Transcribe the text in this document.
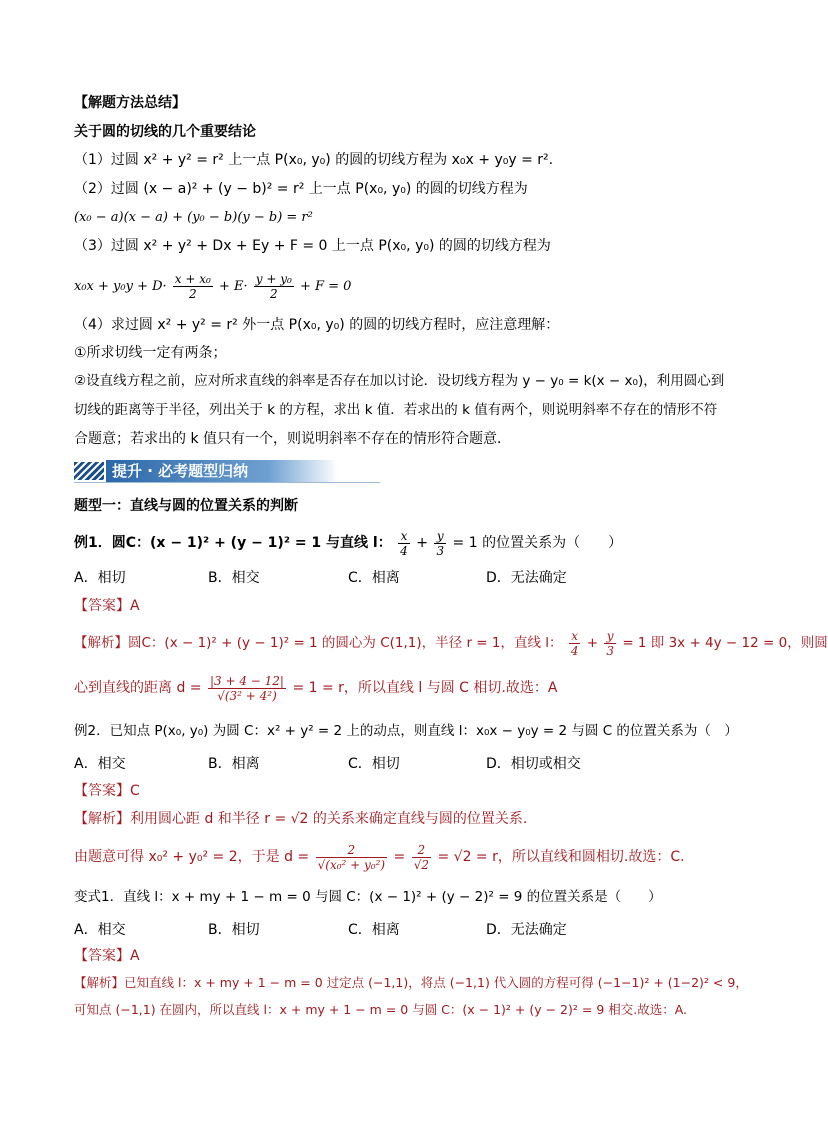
【解题方法总结】
关于圆的切线的几个重要结论
（1）过圆 x² + y² = r² 上一点 P(x₀, y₀) 的圆的切线方程为 x₀x + y₀y = r².
（2）过圆 (x − a)² + (y − b)² = r² 上一点 P(x₀, y₀) 的圆的切线方程为
(x₀ − a)(x − a) + (y₀ − b)(y − b) = r²
（3）过圆 x² + y² + Dx + Ey + F = 0 上一点 P(x₀, y₀) 的圆的切线方程为
$x_0x + y_0y + D\cdot \frac{\text{x + x₀}}{2} + E\cdot \frac{\text{y + y₀}}{2} + F = 0$
（4）求过圆 x² + y² = r² 外一点 P(x₀, y₀) 的圆的切线方程时，应注意理解：
①所求切线一定有两条；
②设直线方程之前，应对所求直线的斜率是否存在加以讨论．设切线方程为 y − y₀ = k(x − x₀)，利用圆心到
切线的距离等于半径，列出关于 k 的方程，求出 k 值．若求出的 k 值有两个，则说明斜率不存在的情形不符
合题意；若求出的 k 值只有一个，则说明斜率不存在的情形符合题意．
提升 · 必考题型归纳
题型一：直线与圆的位置关系的判断
例1．圆C：(x − 1)² + (y − 1)² = 1 与直线 l： $\frac{x}{4} + \frac{y}{3} = 1$ 的位置关系为（　　）
A．相切	B．相交	C．相离	D．无法确定
【答案】A
【解析】圆C：(x − 1)² + (y − 1)² = 1 的圆心为 C(1,1)，半径 r = 1，直线 l： $\frac{x}{4} + \frac{y}{3} = 1$ 即 3x + 4y − 12 = 0，则圆
心到直线的距离 $d = \frac{|3 + 4 - 12|}{\text{√(3² + 4²)}} = 1 = r$，所以直线 l 与圆 C 相切.故选：A
例2．已知点 P(x₀, y₀) 为圆 C：x² + y² = 2 上的动点，则直线 l：x₀x − y₀y = 2 与圆 C 的位置关系为（　）
A．相交	B．相离	C．相切	D．相切或相交
【答案】C
【解析】利用圆心距 d 和半径 r = √2 的关系来确定直线与圆的位置关系.
由题意可得 x₀² + y₀² = 2，于是 $d = \frac{2}{\text{√(x₀² + y₀²)}} = \frac{2}{√2} = √2 = r$，所以直线和圆相切.故选：C.
变式1．直线 l：x + my + 1 − m = 0 与圆 C：(x − 1)² + (y − 2)² = 9 的位置关系是（　　）
A．相交	B．相切	C．相离	D．无法确定
【答案】A
【解析】已知直线 l：x + my + 1 − m = 0 过定点 (−1,1)，将点 (−1,1) 代入圆的方程可得 (−1−1)² + (1−2)² < 9，
可知点 (−1,1) 在圆内，所以直线 l：x + my + 1 − m = 0 与圆 C：(x − 1)² + (y − 2)² = 9 相交.故选：A.
